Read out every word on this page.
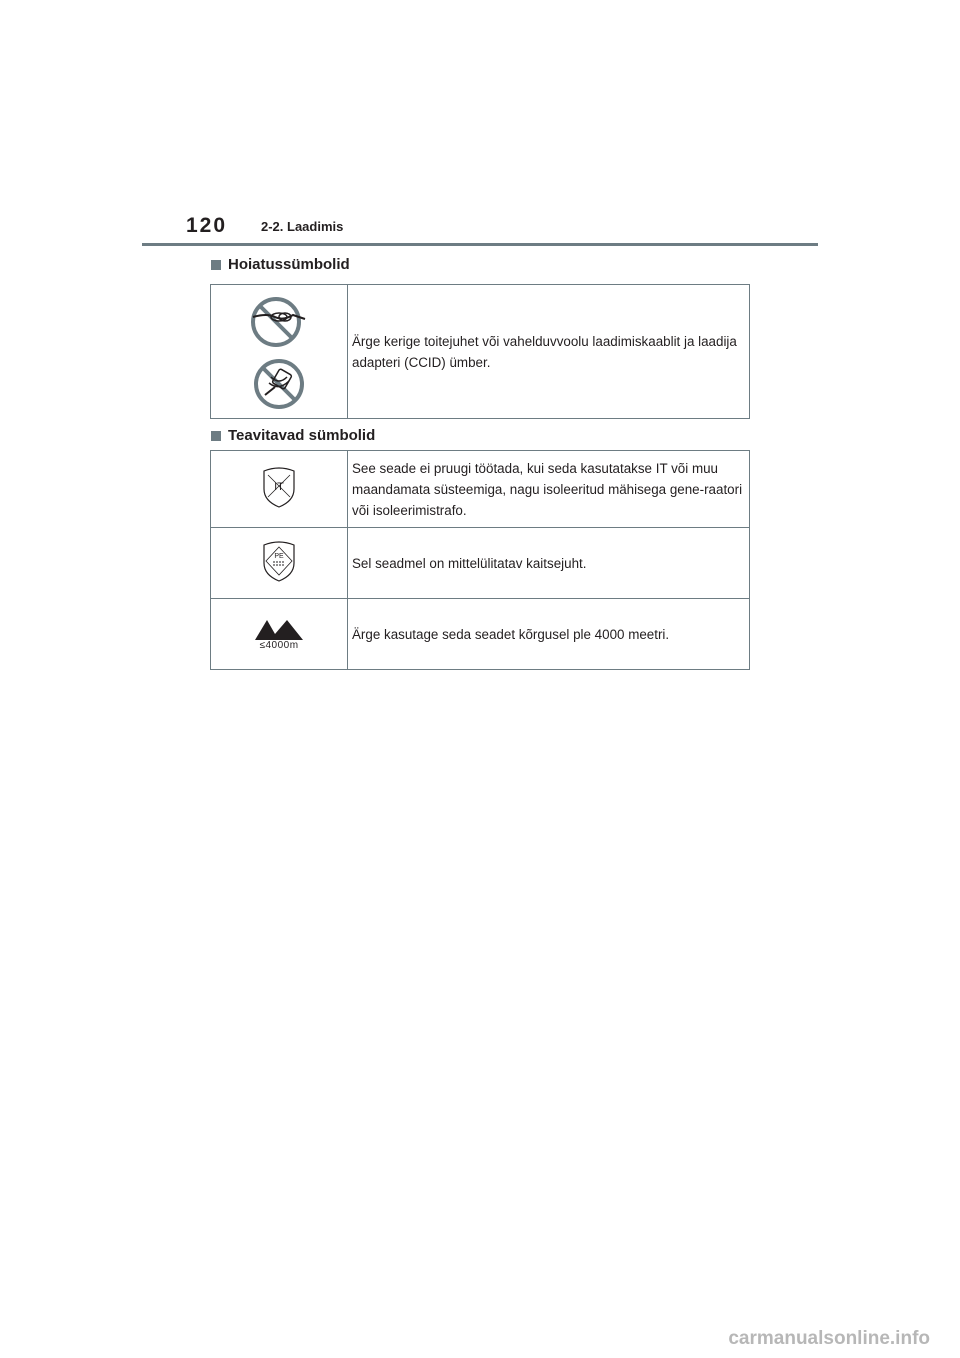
120	2-2. Laadimis
Hoiatussümbolid
	Ärge kerige toitejuhet või vahelduvvoolu laadimiskaablit ja laadija adapteri (CCID) ümber.
Teavitavad sümbolid
IT	See seade ei pruugi töötada, kui seda kasutatakse IT või muu maandamata süsteemiga, nagu isoleeritud mähisega gene-raatori või isoleerimistrafo.

PE	Sel seadmel on mittelülitatav kaitsejuht.

≤4000m	Ärge kasutage seda seadet kõrgusel ple 4000 meetri.
carmanualsonline.info
